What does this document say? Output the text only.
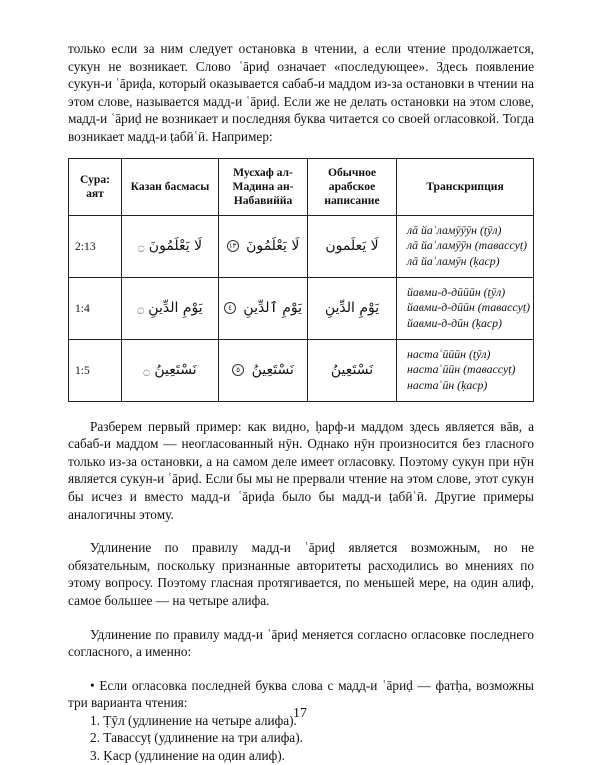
только если за ним следует остановка в чтении, а если чтение продолжается, сукун не возникает. Слово ʿāриḍ означает «последующее». Здесь появление сукун-и ʿāриḍа, который оказывается сабаб-и маддом из-за остановки в чтении на этом слове, называется мадд-и ʿāриḍ. Если же не делать остановки на этом слове, мадд-и ʿāриḍ не возникает и последняя буква читается со своей огласовкой. Тогда возникает мадд-и ṭабӣʿӣ. Например:

Сура: аят	Казан басмасы	Мусхаф ал-Мадина ан-Набавиййа	Обычное арабское написание	Транскрипция
2:13	لَا يَعْلَمُونَ ۝	لَا يَعْلَمُونَ ١٣	لَا يَعلَمون	лā йаʿламӯӯӯн (ṭӯл)
лā йаʿламӯӯн (таваccуṭ)
лā йаʿламӯн (ḳаср)

1:4	يَوْمِ الدِّينِ ۝	يَوْمِ ٱلدِّينِ ٤	يَوْمِ الدِّينِ	йавми-д-дӣӣӣн (ṭӯл)
йавми-д-дӣӣн (таваccуṭ)
йавми-д-дӣн (ḳаср)

1:5	نَسْتَعِينُ ۝	نَسْتَعِينُ ٥	نَسْتَعِينُ	настаʿӣӣӣн (ṭӯл)
настаʿӣӣн (таваccуṭ)
настаʿӣн (ḳаср)

Разберем первый пример: как видно, ḥарф-и маддом здесь является вāв, а сабаб-и маддом — неогласованный нӯн. Однако нӯн произносится без гласного только из-за остановки, а на самом деле имеет огласовку. Поэтому сукун при нӯн является сукун-и ʿāриḍ. Если бы мы не прервали чтение на этом слове, этот сукун бы исчез и вместо мадд-и ʿāриḍа было бы мадд-и ṭабӣʿӣ. Другие примеры аналогичны этому.

Удлинение по правилу мадд-и ʿāриḍ является возможным, но не обязательным, поскольку признанные авторитеты расходились во мнениях по этому вопросу. Поэтому гласная протягивается, по меньшей мере, на один алиф, самое большее — на четыре алифа.

Удлинение по правилу мадд-и ʿāриḍ меняется согласно огласовке последнего согласного, а именно:

• Если огласовка последней буква слова с мадд-и ʿāриḍ — фатḥа, возможны три варианта чтения:

1. Ṭӯл (удлинение на четыре алифа).

2. Тавассуṭ (удлинение на три алифа).

3. Ḳаср (удлинение на один алиф).

17
